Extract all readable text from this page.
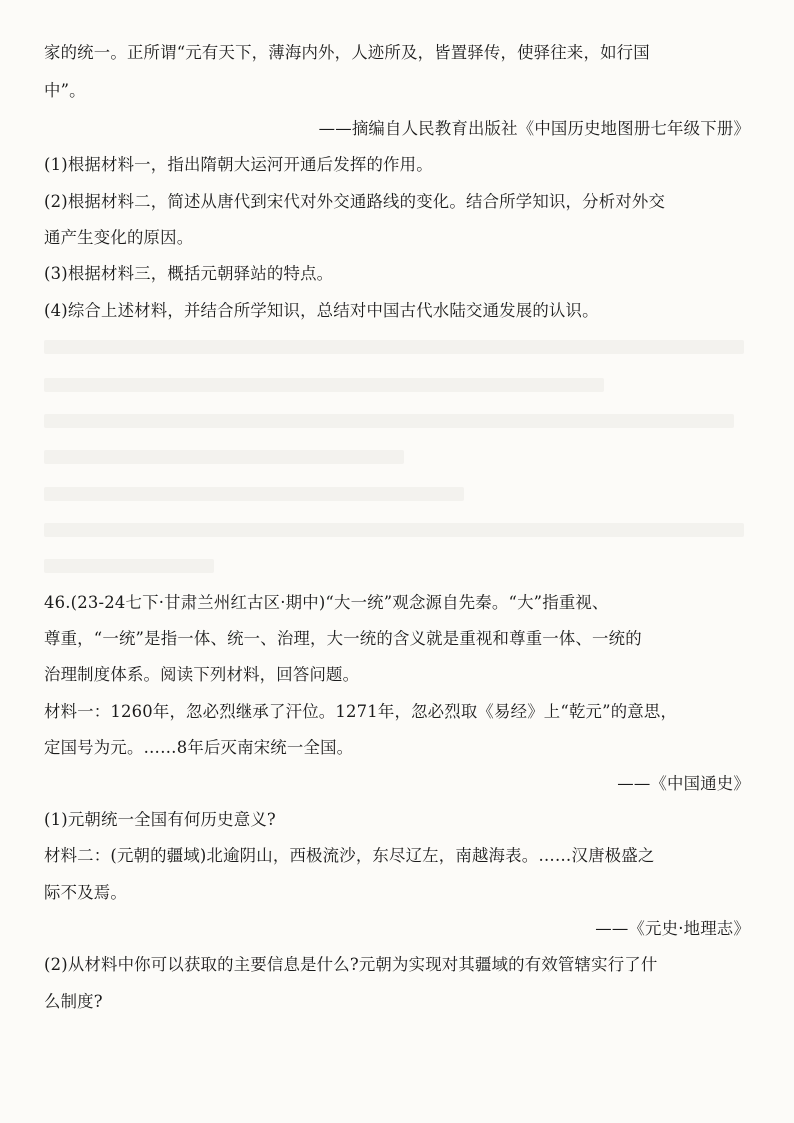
家的统一。正所谓“元有天下，薄海内外，人迹所及，皆置驿传，使驿往来，如行国
中”。
——摘编自人民教育出版社《中国历史地图册七年级下册》
(1)根据材料一，指出隋朝大运河开通后发挥的作用。
(2)根据材料二，简述从唐代到宋代对外交通路线的变化。结合所学知识，分析对外交
通产生变化的原因。
(3)根据材料三，概括元朝驿站的特点。
(4)综合上述材料，并结合所学知识，总结对中国古代水陆交通发展的认识。
46.(23-24七下·甘肃兰州红古区·期中)“大一统”观念源自先秦。“大”指重视、
尊重，“一统”是指一体、统一、治理，大一统的含义就是重视和尊重一体、一统的
治理制度体系。阅读下列材料，回答问题。
材料一：1260年，忽必烈继承了汗位。1271年，忽必烈取《易经》上“乾元”的意思，
定国号为元。……8年后灭南宋统一全国。
——《中国通史》
(1)元朝统一全国有何历史意义?
材料二：(元朝的疆域)北逾阴山，西极流沙，东尽辽左，南越海表。……汉唐极盛之
际不及焉。
——《元史·地理志》
(2)从材料中你可以获取的主要信息是什么?元朝为实现对其疆域的有效管辖实行了什
么制度?
